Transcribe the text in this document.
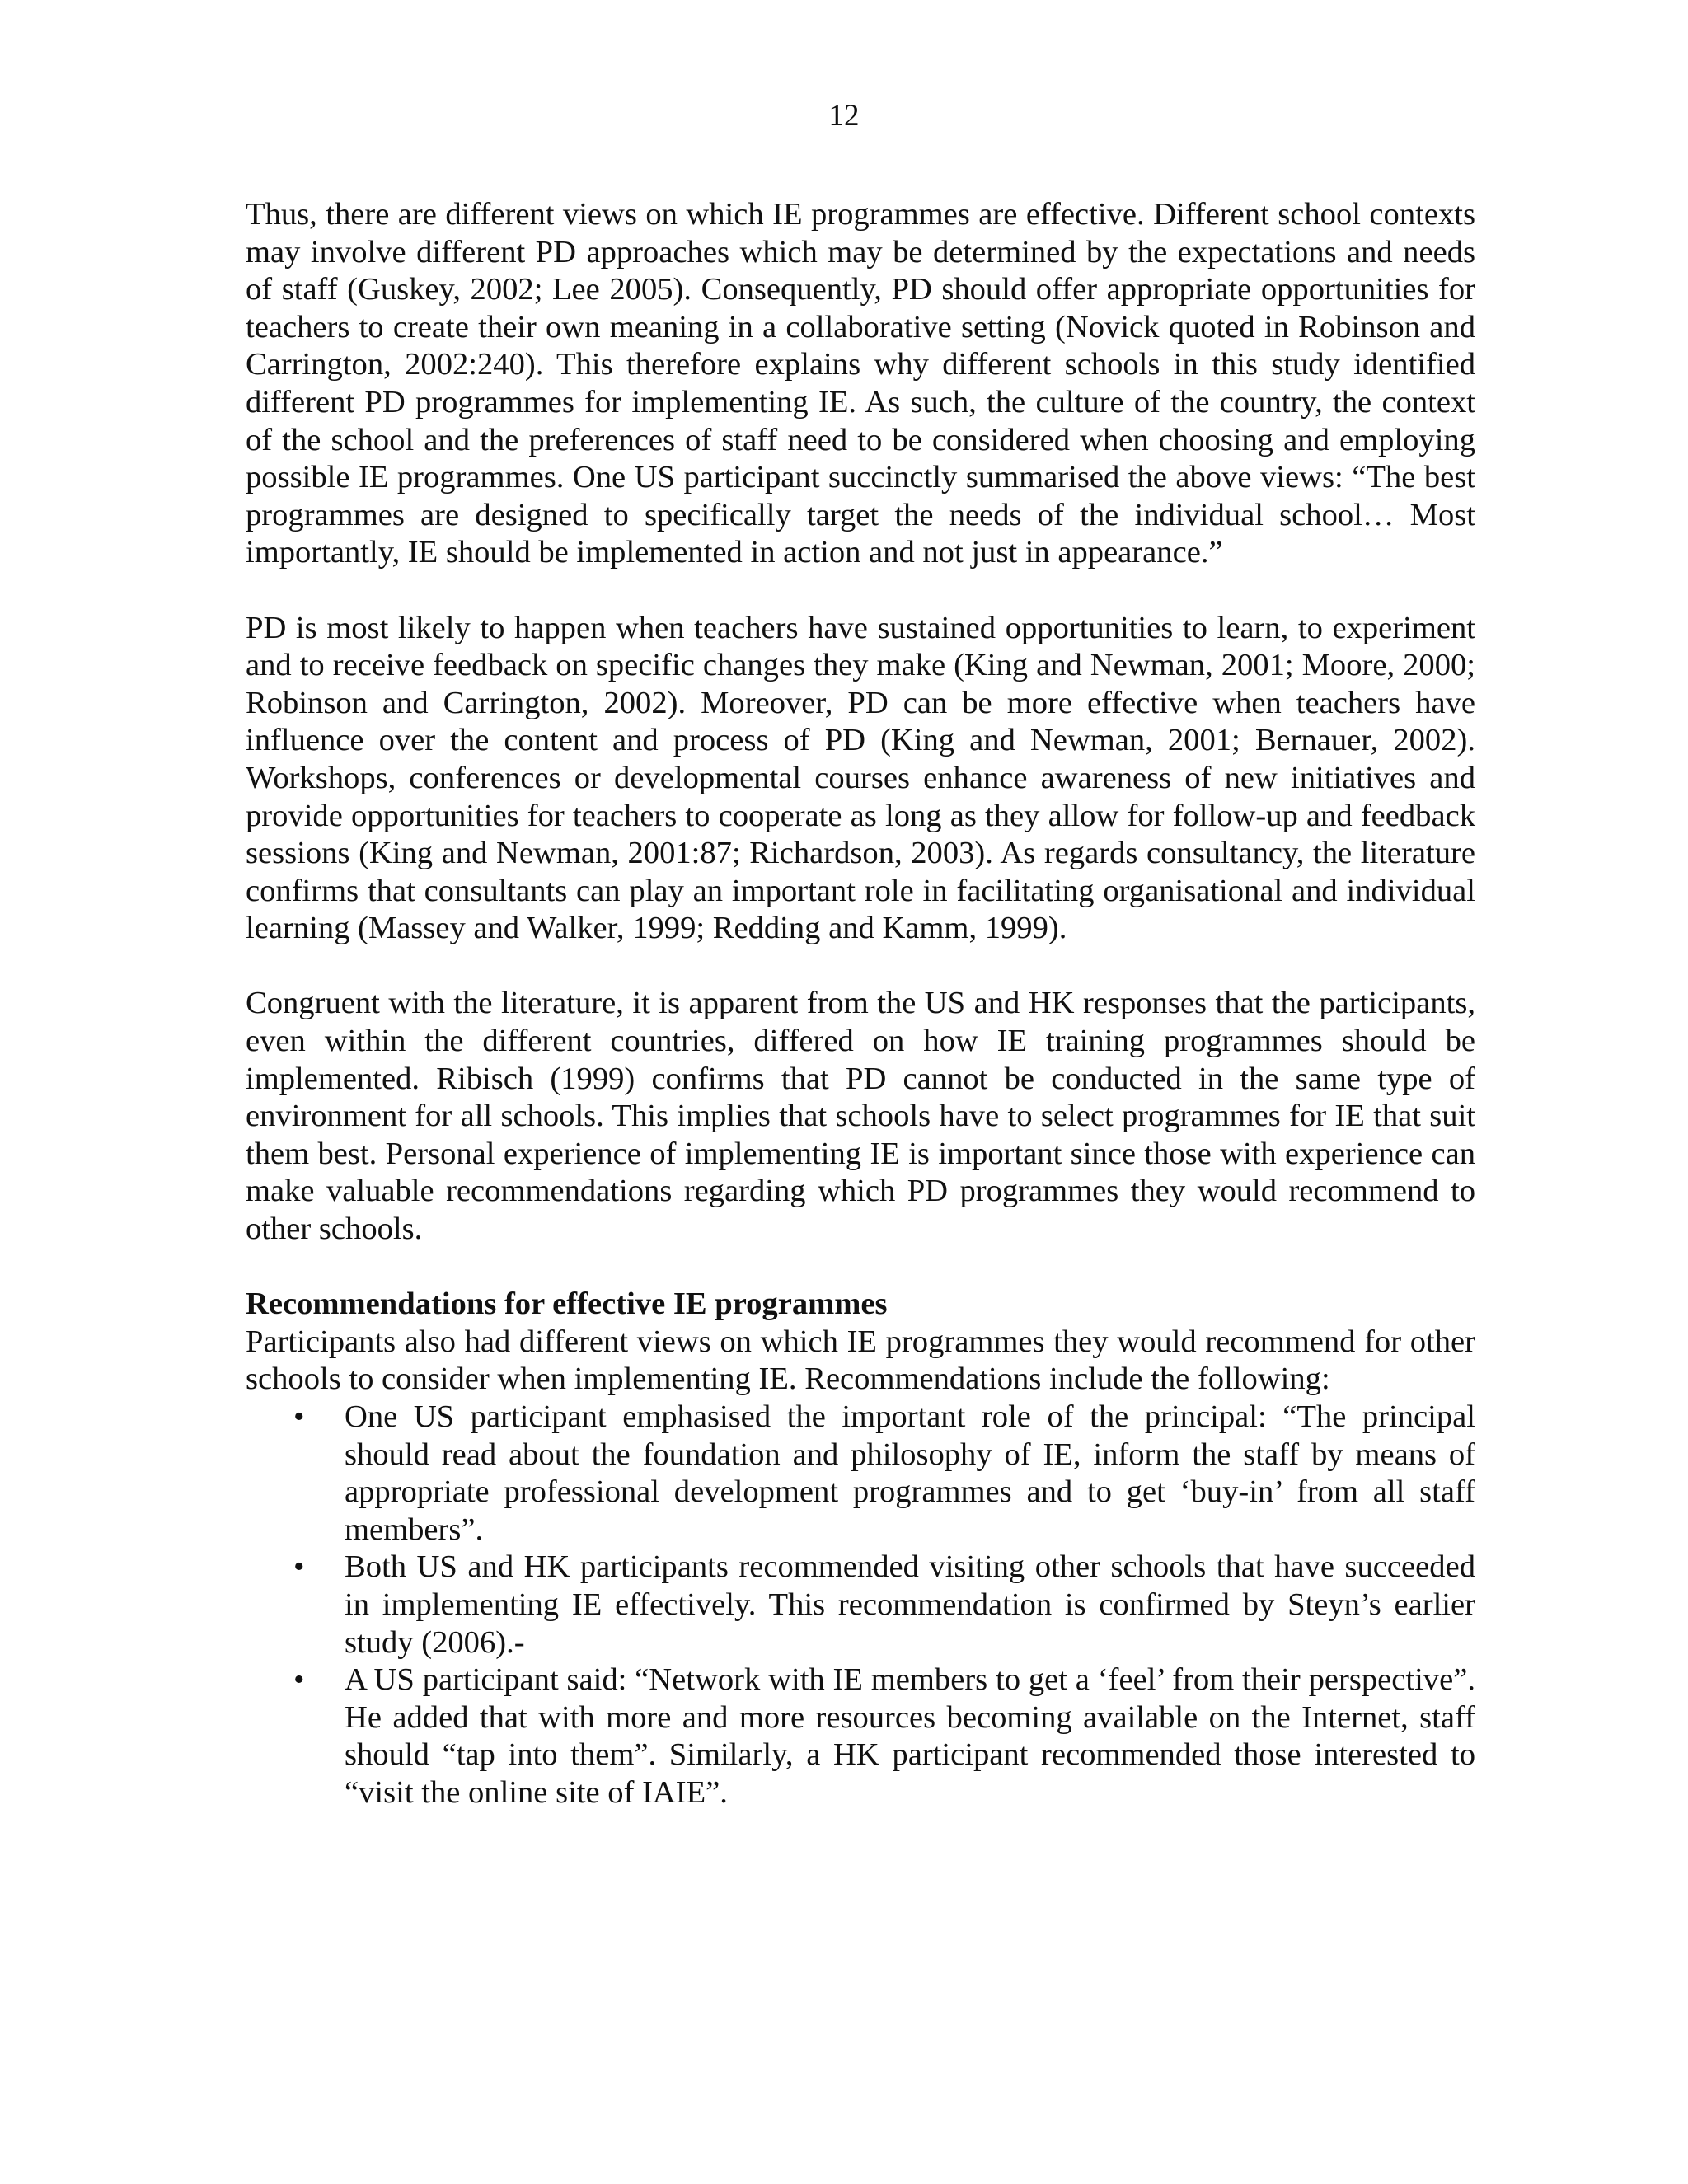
12

Thus, there are different views on which IE programmes are effective. Different school contexts may involve different PD approaches which may be determined by the expectations and needs of staff (Guskey, 2002; Lee 2005). Consequently, PD should offer appropriate opportunities for teachers to create their own meaning in a collaborative setting (Novick quoted in Robinson and Carrington, 2002:240). This therefore explains why different schools in this study identified different PD programmes for implementing IE. As such, the culture of the country, the context of the school and the preferences of staff need to be considered when choosing and employing possible IE programmes. One US participant succinctly summarised the above views: “The best programmes are designed to specifically target the needs of the individual school… Most importantly, IE should be implemented in action and not just in appearance.”

PD is most likely to happen when teachers have sustained opportunities to learn, to experiment and to receive feedback on specific changes they make (King and Newman, 2001; Moore, 2000; Robinson and Carrington, 2002). Moreover, PD can be more effective when teachers have influence over the content and process of PD (King and Newman, 2001; Bernauer, 2002). Workshops, conferences or developmental courses enhance awareness of new initiatives and provide opportunities for teachers to cooperate as long as they allow for follow-up and feedback sessions (King and Newman, 2001:87; Richardson, 2003). As regards consultancy, the literature confirms that consultants can play an important role in facilitating organisational and individual learning (Massey and Walker, 1999; Redding and Kamm, 1999).

Congruent with the literature, it is apparent from the US and HK responses that the participants, even within the different countries, differed on how IE training programmes should be implemented. Ribisch (1999) confirms that PD cannot be conducted in the same type of environment for all schools. This implies that schools have to select programmes for IE that suit them best. Personal experience of implementing IE is important since those with experience can make valuable recommendations regarding which PD programmes they would recommend to other schools.

Recommendations for effective IE programmes

Participants also had different views on which IE programmes they would recommend for other schools to consider when implementing IE. Recommendations include the following:

•	One US participant emphasised the important role of the principal: “The principal should read about the foundation and philosophy of IE, inform the staff by means of appropriate professional development programmes and to get ‘buy-in’ from all staff members”.
•	Both US and HK participants recommended visiting other schools that have succeeded in implementing IE effectively. This recommendation is confirmed by Steyn’s earlier study (2006).-
•	A US participant said: “Network with IE members to get a ‘feel’ from their perspective”. He added that with more and more resources becoming available on the Internet, staff should “tap into them”. Similarly, a HK participant recommended those interested to “visit the online site of IAIE”.
